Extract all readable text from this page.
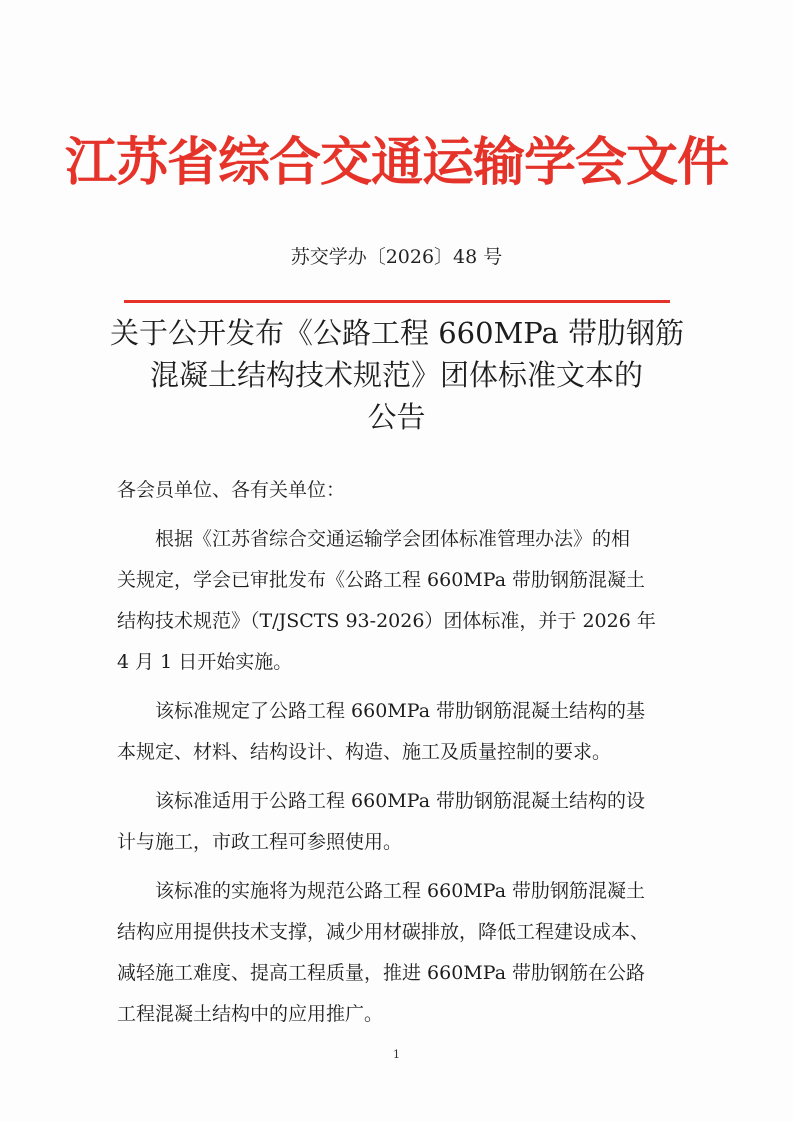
江苏省综合交通运输学会文件
苏交学办〔2026〕48 号
关于公开发布《公路工程 660MPa 带肋钢筋
混凝土结构技术规范》团体标准文本的
公告
各会员单位、各有关单位：
根据《江苏省综合交通运输学会团体标准管理办法》的相
关规定，学会已审批发布《公路工程 660MPa 带肋钢筋混凝土
结构技术规范》（T/JSCTS 93-2026）团体标准，并于 2026 年
4 月 1 日开始实施。
该标准规定了公路工程 660MPa 带肋钢筋混凝土结构的基
本规定、材料、结构设计、构造、施工及质量控制的要求。
该标准适用于公路工程 660MPa 带肋钢筋混凝土结构的设
计与施工，市政工程可参照使用。
该标准的实施将为规范公路工程 660MPa 带肋钢筋混凝土
结构应用提供技术支撑，减少用材碳排放，降低工程建设成本、
减轻施工难度、提高工程质量，推进 660MPa 带肋钢筋在公路
工程混凝土结构中的应用推广。
1
